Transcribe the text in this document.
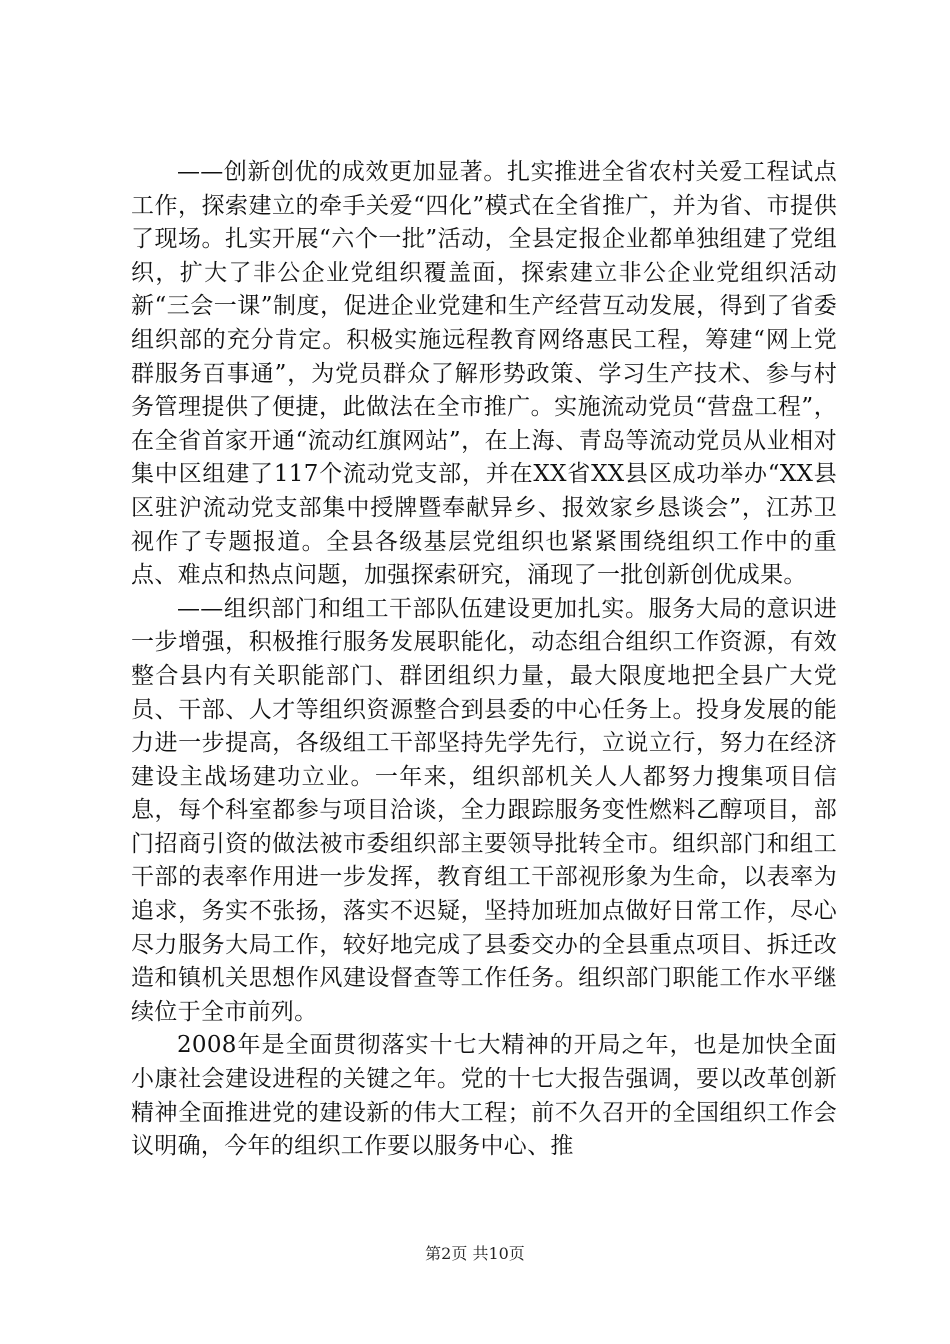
——创新创优的成效更加显著。扎实推进全省农村关爱工程试点工作，探索建立的牵手关爱“四化”模式在全省推广，并为省、市提供了现场。扎实开展“六个一批”活动，全县定报企业都单独组建了党组织，扩大了非公企业党组织覆盖面，探索建立非公企业党组织活动新“三会一课”制度，促进企业党建和生产经营互动发展，得到了省委组织部的充分肯定。积极实施远程教育网络惠民工程，筹建“网上党群服务百事通”，为党员群众了解形势政策、学习生产技术、参与村务管理提供了便捷，此做法在全市推广。实施流动党员“营盘工程”，在全省首家开通“流动红旗网站”，在上海、青岛等流动党员从业相对集中区组建了117个流动党支部，并在XX省XX县区成功举办“XX县区驻沪流动党支部集中授牌暨奉献异乡、报效家乡恳谈会”，江苏卫视作了专题报道。全县各级基层党组织也紧紧围绕组织工作中的重点、难点和热点问题，加强探索研究，涌现了一批创新创优成果。

——组织部门和组工干部队伍建设更加扎实。服务大局的意识进一步增强，积极推行服务发展职能化，动态组合组织工作资源，有效整合县内有关职能部门、群团组织力量，最大限度地把全县广大党员、干部、人才等组织资源整合到县委的中心任务上。投身发展的能力进一步提高，各级组工干部坚持先学先行，立说立行，努力在经济建设主战场建功立业。一年来，组织部机关人人都努力搜集项目信息，每个科室都参与项目洽谈，全力跟踪服务变性燃料乙醇项目，部门招商引资的做法被市委组织部主要领导批转全市。组织部门和组工干部的表率作用进一步发挥，教育组工干部视形象为生命，以表率为追求，务实不张扬，落实不迟疑，坚持加班加点做好日常工作，尽心尽力服务大局工作，较好地完成了县委交办的全县重点项目、拆迁改造和镇机关思想作风建设督查等工作任务。组织部门职能工作水平继续位于全市前列。

2008年是全面贯彻落实十七大精神的开局之年，也是加快全面小康社会建设进程的关键之年。党的十七大报告强调，要以改革创新精神全面推进党的建设新的伟大工程；前不久召开的全国组织工作会议明确，今年的组织工作要以服务中心、推

第2页 共10页
